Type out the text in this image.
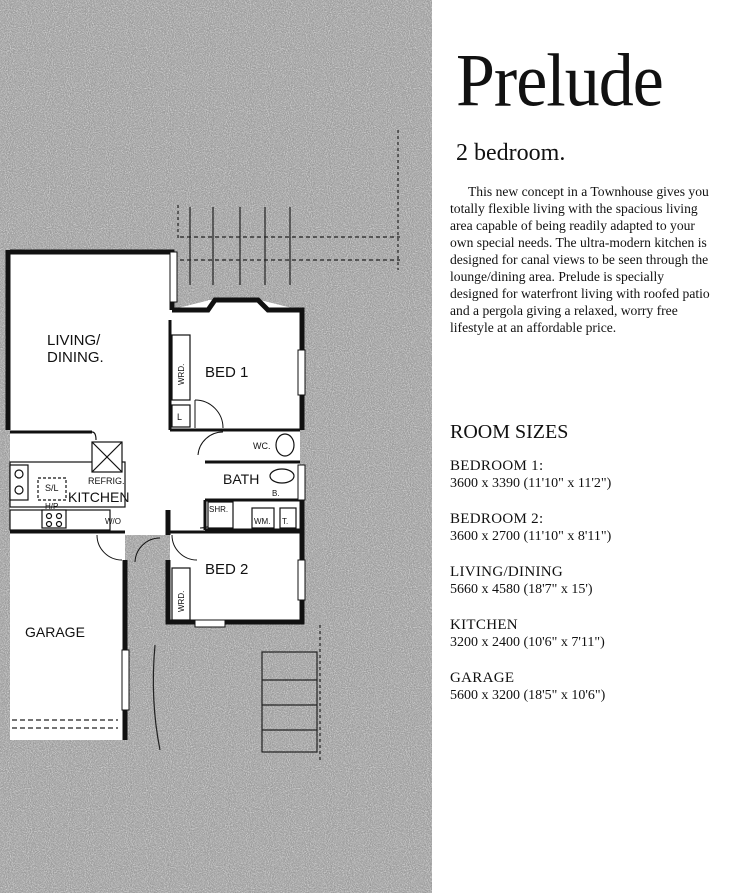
LIVING/
DINING.
BED 1
BED 2
KITCHEN
GARAGE
BATH
WC.
REFRIG.
S/L
H/P
W/O
SHR.
WM. T.
B.
L
WRD.
WRD.
Prelude
2 bedroom.

This new concept in a Townhouse gives you totally flexible living with the spacious living area capable of being readily adapted to your own special needs. The ultra-modern kitchen is designed for canal views to be seen through the lounge/dining area. Prelude is specially designed for waterfront living with roofed patio and a pergola giving a relaxed, worry free lifestyle at an affordable price.

ROOM SIZES
BEDROOM 1:
3600 x 3390 (11'10" x 11'2")
BEDROOM 2:
3600 x 2700 (11'10" x 8'11")
LIVING/DINING
5660 x 4580 (18'7" x 15')
KITCHEN
3200 x 2400 (10'6" x 7'11")
GARAGE
5600 x 3200 (18'5" x 10'6")
